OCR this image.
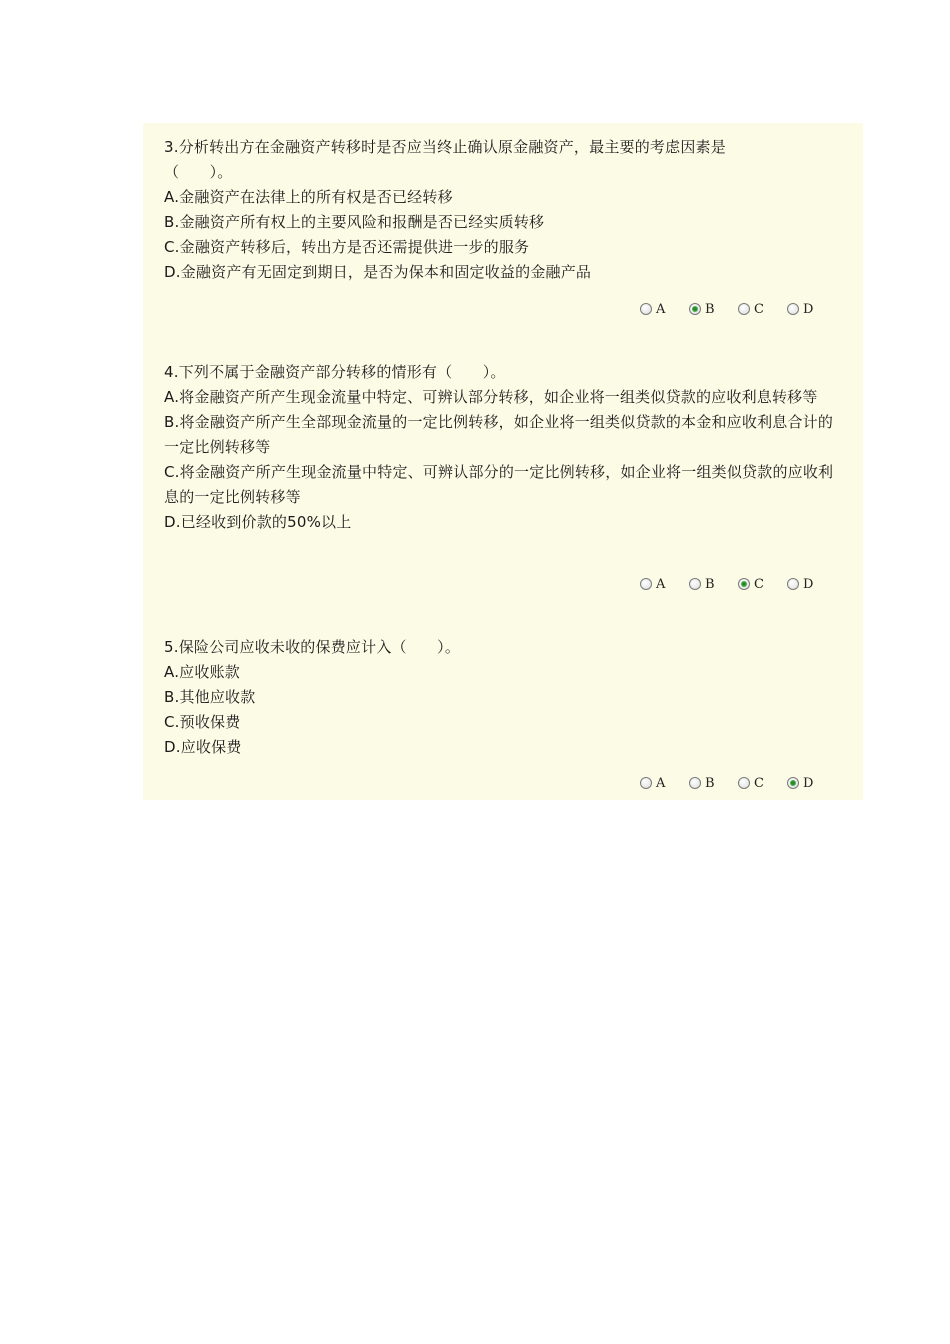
3.分析转出方在金融资产转移时是否应当终止确认原金融资产，最主要的考虑因素是
（　　）。
A.金融资产在法律上的所有权是否已经转移
B.金融资产所有权上的主要风险和报酬是否已经实质转移
C.金融资产转移后，转出方是否还需提供进一步的服务
D.金融资产有无固定到期日，是否为保本和固定收益的金融产品
A	B	C	D
4.下列不属于金融资产部分转移的情形有（　　）。
A.将金融资产所产生现金流量中特定、可辨认部分转移，如企业将一组类似贷款的应收利息转移等
B.将金融资产所产生全部现金流量的一定比例转移，如企业将一组类似贷款的本金和应收利息合计的一定比例转移等
C.将金融资产所产生现金流量中特定、可辨认部分的一定比例转移，如企业将一组类似贷款的应收利息的一定比例转移等
D.已经收到价款的50%以上
A	B	C	D
5.保险公司应收未收的保费应计入（　　）。
A.应收账款
B.其他应收款
C.预收保费
D.应收保费
A	B	C	D
